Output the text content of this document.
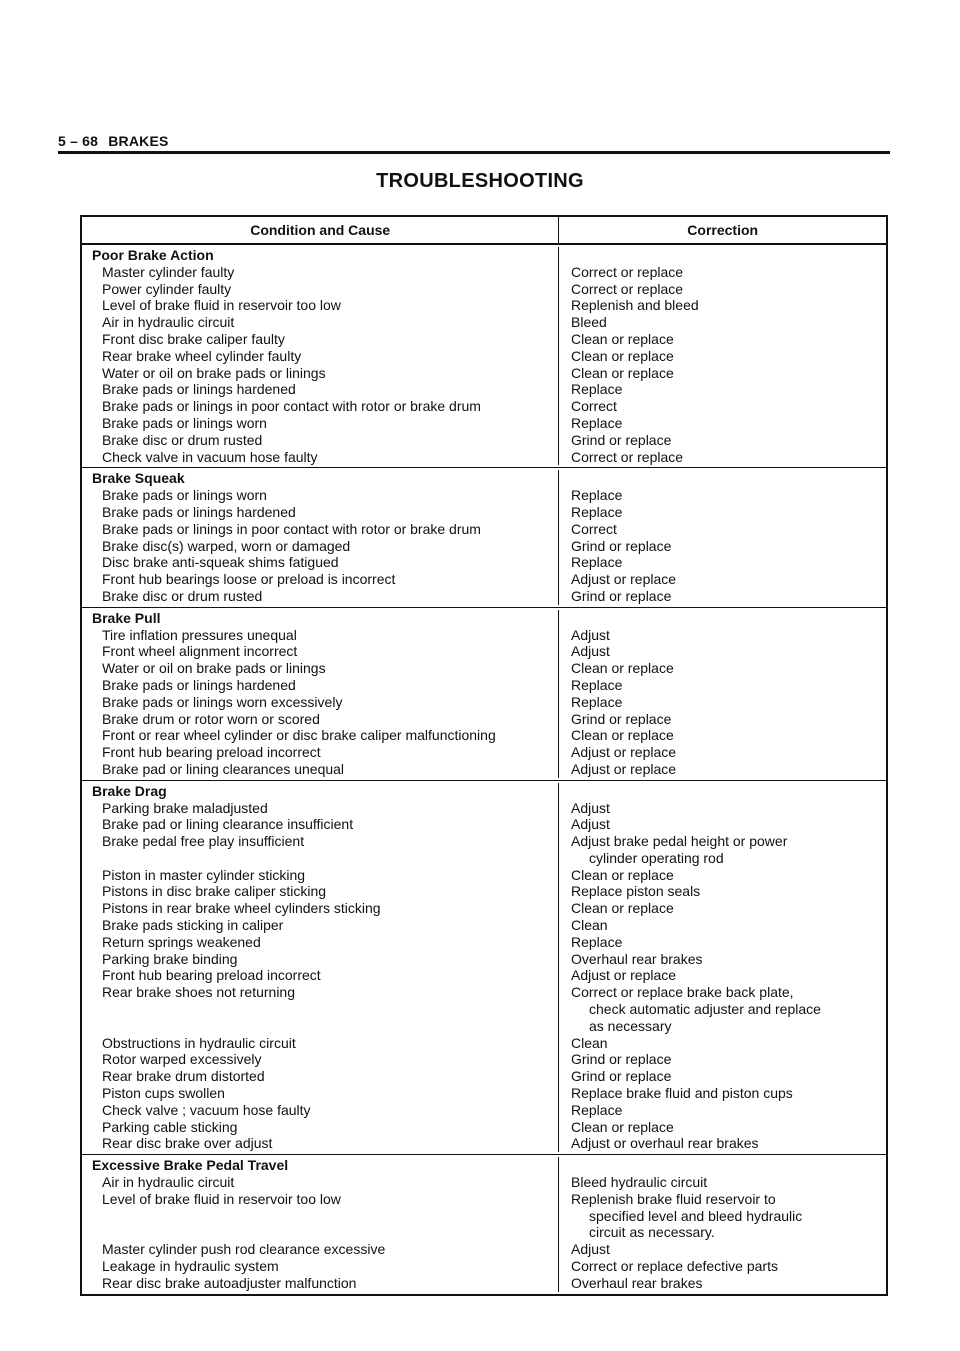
5 – 68 BRAKES
TROUBLESHOOTING
Condition and Cause	Correction
Poor Brake Action
Master cylinder faulty	Correct or replace
Power cylinder faulty	Correct or replace
Level of brake fluid in reservoir too low	Replenish and bleed
Air in hydraulic circuit	Bleed
Front disc brake caliper faulty	Clean or replace
Rear brake wheel cylinder faulty	Clean or replace
Water or oil on brake pads or linings	Clean or replace
Brake pads or linings hardened	Replace
Brake pads or linings in poor contact with rotor or brake drum	Correct
Brake pads or linings worn	Replace
Brake disc or drum rusted	Grind or replace
Check valve in vacuum hose faulty	Correct or replace
Brake Squeak
Brake pads or linings worn	Replace
Brake pads or linings hardened	Replace
Brake pads or linings in poor contact with rotor or brake drum	Correct
Brake disc(s) warped, worn or damaged	Grind or replace
Disc brake anti-squeak shims fatigued	Replace
Front hub bearings loose or preload is incorrect	Adjust or replace
Brake disc or drum rusted	Grind or replace
Brake Pull
Tire inflation pressures unequal	Adjust
Front wheel alignment incorrect	Adjust
Water or oil on brake pads or linings	Clean or replace
Brake pads or linings hardened	Replace
Brake pads or linings worn excessively	Replace
Brake drum or rotor worn or scored	Grind or replace
Front or rear wheel cylinder or disc brake caliper malfunctioning	Clean or replace
Front hub bearing preload incorrect	Adjust or replace
Brake pad or lining clearances unequal	Adjust or replace
Brake Drag
Parking brake maladjusted	Adjust
Brake pad or lining clearance insufficient	Adjust
Brake pedal free play insufficient	Adjust brake pedal height or power
cylinder operating rod
Piston in master cylinder sticking	Clean or replace
Pistons in disc brake caliper sticking	Replace piston seals
Pistons in rear brake wheel cylinders sticking	Clean or replace
Brake pads sticking in caliper	Clean
Return springs weakened	Replace
Parking brake binding	Overhaul rear brakes
Front hub bearing preload incorrect	Adjust or replace
Rear brake shoes not returning	Correct or replace brake back plate,
check automatic adjuster and replace
as necessary
Obstructions in hydraulic circuit	Clean
Rotor warped excessively	Grind or replace
Rear brake drum distorted	Grind or replace
Piston cups swollen	Replace brake fluid and piston cups
Check valve ; vacuum hose faulty	Replace
Parking cable sticking	Clean or replace
Rear disc brake over adjust	Adjust or overhaul rear brakes
Excessive Brake Pedal Travel
Air in hydraulic circuit	Bleed hydraulic circuit
Level of brake fluid in reservoir too low	Replenish brake fluid reservoir to
specified level and bleed hydraulic
circuit as necessary.
Master cylinder push rod clearance excessive	Adjust
Leakage in hydraulic system	Correct or replace defective parts
Rear disc brake autoadjuster malfunction	Overhaul rear brakes
